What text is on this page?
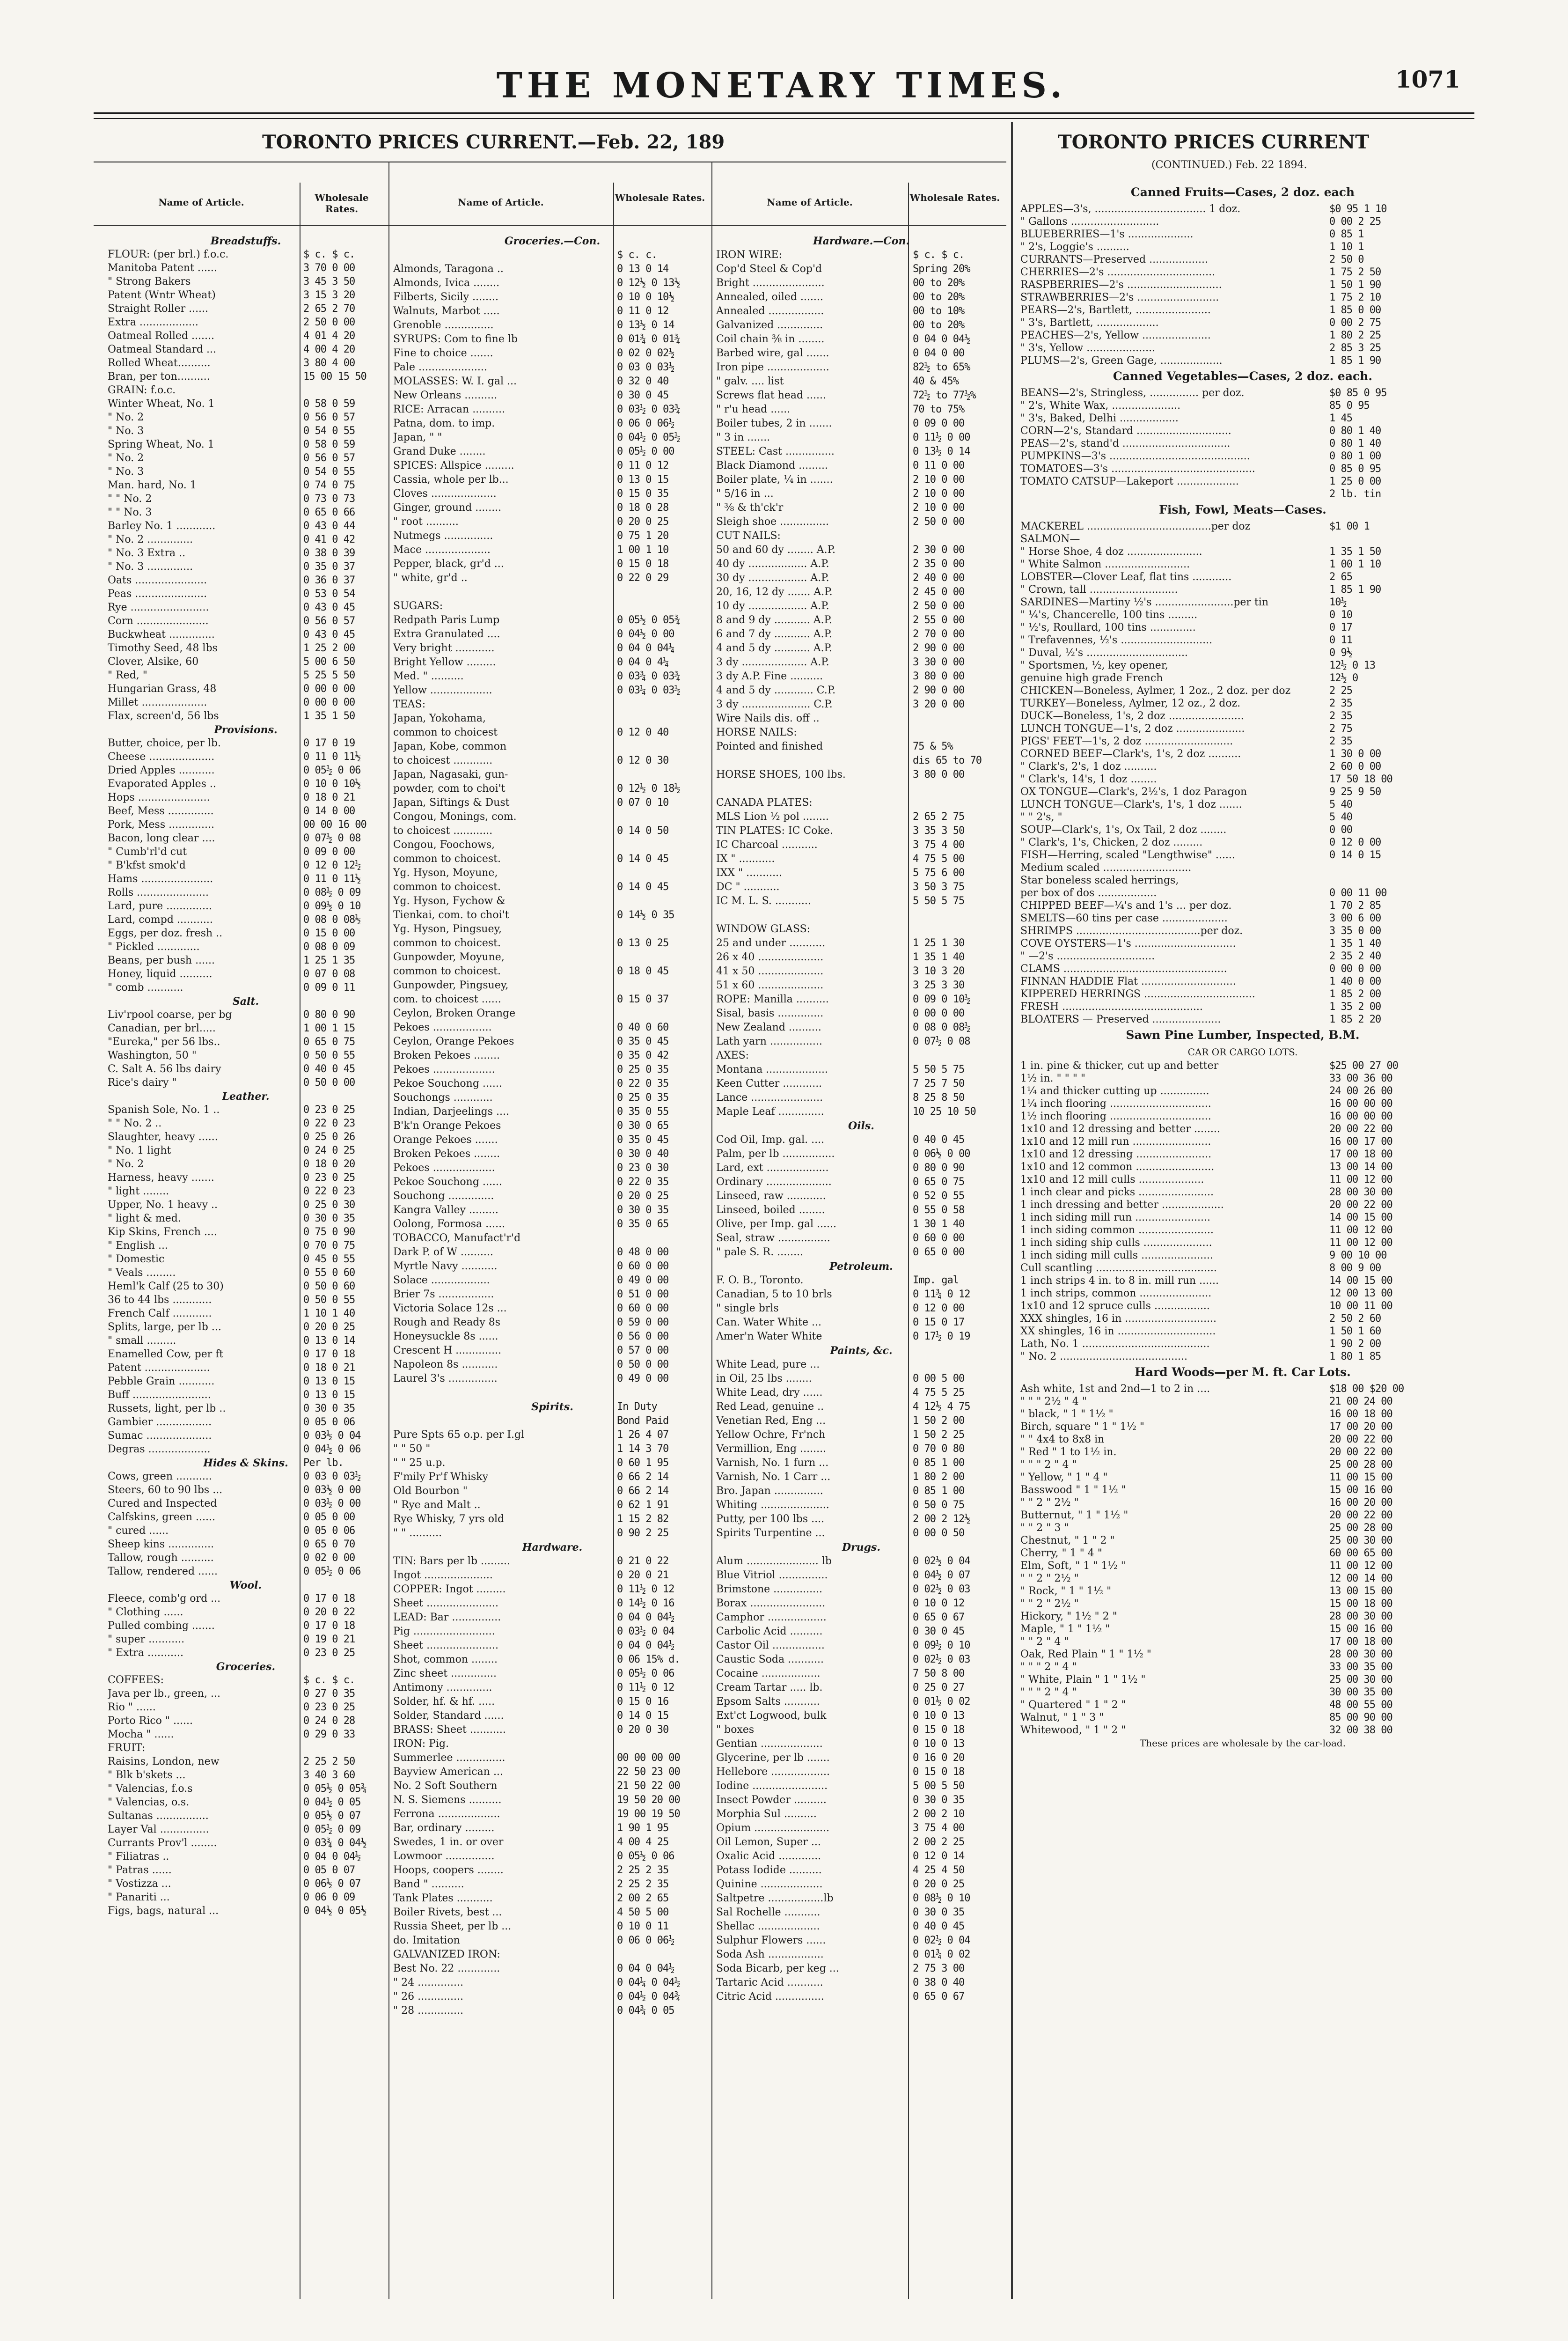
THE MONETARY TIMES.	1071
TORONTO PRICES CURRENT.—Feb. 22, 189	TORONTO PRICES CURRENT
(CONTINUED.) Feb. 22 1894.
Name of Article.	Wholesale Rates.
Name of Article.	Wholesale Rates.	Name of Article.	Wholesale Rates.
Breadstuffs.
FLOUR: (per brl.) f.o.c.	$ c. $ c.
Manitoba Patent ......	3 70 0 00
" Strong Bakers	3 45 3 50
Patent (Wntr Wheat)	3 15 3 20
Straight Roller ......	2 65 2 70
Extra ..................	2 50 0 00
Oatmeal Rolled .......	4 01 4 20
Oatmeal Standard ...	4 00 4 20
Rolled Wheat..........	3 80 4 00
Bran, per ton..........	15 00 15 50
GRAIN: f.o.c.
Winter Wheat, No. 1	0 58 0 59
" No. 2	0 56 0 57
" No. 3	0 54 0 55
Spring Wheat, No. 1	0 58 0 59
" No. 2	0 56 0 57
" No. 3	0 54 0 55
Man. hard, No. 1	0 74 0 75
" " No. 2	0 73 0 73
" " No. 3	0 65 0 66
Barley No. 1 ............	0 43 0 44
" No. 2 ..............	0 41 0 42
" No. 3 Extra ..	0 38 0 39
" No. 3 ..............	0 35 0 37
Oats ......................	0 36 0 37
Peas ......................	0 53 0 54
Rye ........................	0 43 0 45
Corn ......................	0 56 0 57
Buckwheat ..............	0 43 0 45
Timothy Seed, 48 lbs	1 25 2 00
Clover, Alsike, 60	5 00 6 50
" Red, "	5 25 5 50
Hungarian Grass, 48	0 00 0 00
Millet ....................	0 00 0 00
Flax, screen'd, 56 lbs	1 35 1 50
Provisions.
Butter, choice, per lb.	0 17 0 19
Cheese ....................	0 11 0 11½
Dried Apples ...........	0 05½ 0 06
Evaporated Apples ..	0 10 0 10½
Hops ......................	0 18 0 21
Beef, Mess ..............	0 14 0 00
Pork, Mess ..............	00 00 16 00
Bacon, long clear ....	0 07½ 0 08
" Cumb'rl'd cut	0 09 0 00
" B'kfst smok'd	0 12 0 12½
Hams ......................	0 11 0 11½
Rolls ......................	0 08½ 0 09
Lard, pure ..............	0 09½ 0 10
Lard, compd ...........	0 08 0 08½
Eggs, per doz. fresh ..	0 15 0 00
" Pickled .............	0 08 0 09
Beans, per bush ......	1 25 1 35
Honey, liquid ..........	0 07 0 08
" comb ...........	0 09 0 11
Salt.
Liv'rpool coarse, per bg	0 80 0 90
Canadian, per brl.....	1 00 1 15
"Eureka," per 56 lbs..	0 65 0 75
Washington, 50 "	0 50 0 55
C. Salt A. 56 lbs dairy	0 40 0 45
Rice's dairy "	0 50 0 00
Leather.
Spanish Sole, No. 1 ..	0 23 0 25
" " No. 2 ..	0 22 0 23
Slaughter, heavy ......	0 25 0 26
" No. 1 light	0 24 0 25
" No. 2	0 18 0 20
Harness, heavy .......	0 23 0 25
" light ........	0 22 0 23
Upper, No. 1 heavy ..	0 25 0 30
" light & med.	0 30 0 35
Kip Skins, French ....	0 75 0 90
" English ...	0 70 0 75
" Domestic	0 45 0 55
" Veals .........	0 55 0 60
Heml'k Calf (25 to 30)	0 50 0 60
36 to 44 lbs ............	0 50 0 55
French Calf ............	1 10 1 40
Splits, large, per lb ...	0 20 0 25
" small .........	0 13 0 14
Enamelled Cow, per ft	0 17 0 18
Patent ....................	0 18 0 21
Pebble Grain ...........	0 13 0 15
Buff ........................	0 13 0 15
Russets, light, per lb ..	0 30 0 35
Gambier .................	0 05 0 06
Sumac ....................	0 03½ 0 04
Degras ...................	0 04½ 0 06
Hides & Skins.	Per lb.
Cows, green ...........	0 03 0 03½
Steers, 60 to 90 lbs ...	0 03½ 0 00
Cured and Inspected	0 03½ 0 00
Calfskins, green ......	0 05 0 00
" cured ......	0 05 0 06
Sheep kins ..............	0 65 0 70
Tallow, rough ..........	0 02 0 00
Tallow, rendered ......	0 05½ 0 06
Wool.
Fleece, comb'g ord ...	0 17 0 18
" Clothing ......	0 20 0 22
Pulled combing .......	0 17 0 18
" super ...........	0 19 0 21
" Extra ...........	0 23 0 25
Groceries.
COFFEES:	$ c. $ c.
Java per lb., green, ...	0 27 0 35
Rio " ......	0 23 0 25
Porto Rico " ......	0 24 0 28
Mocha " ......	0 29 0 33
FRUIT:
Raisins, London, new	2 25 2 50
" Blk b'skets ...	3 40 3 60
" Valencias, f.o.s	0 05½ 0 05¾
" Valencias, o.s.	0 04½ 0 05
Sultanas ................	0 05½ 0 07
Layer Val ...............	0 05½ 0 09
Currants Prov'l ........	0 03¾ 0 04½
" Filiatras ..	0 04 0 04½
" Patras ......	0 05 0 07
" Vostizza ...	0 06½ 0 07
" Panariti ...	0 06 0 09
Figs, bags, natural ...	0 04½ 0 05½
Groceries.—Con.
$ c. c.
Almonds, Taragona ..	0 13 0 14
Almonds, Ivica ........	0 12½ 0 13½
Filberts, Sicily ........	0 10 0 10½
Walnuts, Marbot .....	0 11 0 12
Grenoble ...............	0 13½ 0 14
SYRUPS: Com to fine lb	0 01¾ 0 01¾
Fine to choice .......	0 02 0 02½
Pale .....................	0 03 0 03½
MOLASSES: W. I. gal ...	0 32 0 40
New Orleans ..........	0 30 0 45
RICE: Arracan ..........	0 03½ 0 03¾
Patna, dom. to imp.	0 06 0 06½
Japan, " "	0 04½ 0 05½
Grand Duke ........	0 05½ 0 00
SPICES: Allspice .........	0 11 0 12
Cassia, whole per lb...	0 13 0 15
Cloves ....................	0 15 0 35
Ginger, ground ........	0 18 0 28
" root ..........	0 20 0 25
Nutmegs ...............	0 75 1 20
Mace ....................	1 00 1 10
Pepper, black, gr'd ...	0 15 0 18
" white, gr'd ..	0 22 0 29
SUGARS:
Redpath Paris Lump	0 05½ 0 05¾
Extra Granulated ....	0 04½ 0 00
Very bright ............	0 04 0 04¼
Bright Yellow .........	0 04 0 4¼
Med. " ..........	0 03¾ 0 03¾
Yellow ...................	0 03¼ 0 03½
TEAS:
Japan, Yokohama,
common to choicest	0 12 0 40
Japan, Kobe, common
to choicest ............	0 12 0 30
Japan, Nagasaki, gun-
powder, com to choi't	0 12½ 0 18½
Japan, Siftings & Dust	0 07 0 10
Congou, Monings, com.
to choicest ............	0 14 0 50
Congou, Foochows,
common to choicest.	0 14 0 45
Yg. Hyson, Moyune,
common to choicest.	0 14 0 45
Yg. Hyson, Fychow &
Tienkai, com. to choi't	0 14½ 0 35
Yg. Hyson, Pingsuey,
common to choicest.	0 13 0 25
Gunpowder, Moyune,
common to choicest.	0 18 0 45
Gunpowder, Pingsuey,
com. to choicest ......	0 15 0 37
Ceylon, Broken Orange
Pekoes ..................	0 40 0 60
Ceylon, Orange Pekoes	0 35 0 45
Broken Pekoes ........	0 35 0 42
Pekoes ...................	0 25 0 35
Pekoe Souchong ......	0 22 0 35
Souchongs ............	0 25 0 35
Indian, Darjeelings ....	0 35 0 55
B'k'n Orange Pekoes	0 30 0 65
Orange Pekoes .......	0 35 0 45
Broken Pekoes ........	0 30 0 40
Pekoes ...................	0 23 0 30
Pekoe Souchong ......	0 22 0 35
Souchong ..............	0 20 0 25
Kangra Valley .........	0 30 0 35
Oolong, Formosa ......	0 35 0 65
TOBACCO, Manufact'r'd
Dark P. of W ..........	0 48 0 00
Myrtle Navy ...........	0 60 0 00
Solace ..................	0 49 0 00
Brier 7s .................	0 51 0 00
Victoria Solace 12s ...	0 60 0 00
Rough and Ready 8s	0 59 0 00
Honeysuckle 8s ......	0 56 0 00
Crescent H ..............	0 57 0 00
Napoleon 8s ...........	0 50 0 00
Laurel 3's ...............	0 49 0 00
Spirits.	In Duty
Bond Paid
Pure Spts 65 o.p. per I.gl	1 26 4 07
" " 50 "	1 14 3 70
" " 25 u.p.	0 60 1 95
F'mily Pr'f Whisky	0 66 2 14
Old Bourbon "	0 66 2 14
" Rye and Malt ..	0 62 1 91
Rye Whisky, 7 yrs old	1 15 2 82
" " ..........	0 90 2 25
Hardware.
TIN: Bars per lb .........	0 21 0 22
Ingot .....................	0 20 0 21
COPPER: Ingot .........	0 11½ 0 12
Sheet ......................	0 14½ 0 16
LEAD: Bar ...............	0 04 0 04½
Pig .........................	0 03½ 0 04
Sheet ......................	0 04 0 04½
Shot, common ........	0 06 15% d.
Zinc sheet ..............	0 05½ 0 06
Antimony ..............	0 11½ 0 12
Solder, hf. & hf. .....	0 15 0 16
Solder, Standard ......	0 14 0 15
BRASS: Sheet ...........	0 20 0 30
IRON: Pig.
Summerlee ...............	00 00 00 00
Bayview American ...	22 50 23 00
No. 2 Soft Southern	21 50 22 00
N. S. Siemens ..........	19 50 20 00
Ferrona ...................	19 00 19 50
Bar, ordinary .........	1 90 1 95
Swedes, 1 in. or over	4 00 4 25
Lowmoor ...............	0 05½ 0 06
Hoops, coopers ........	2 25 2 35
Band " ..........	2 25 2 35
Tank Plates ...........	2 00 2 65
Boiler Rivets, best ...	4 50 5 00
Russia Sheet, per lb ...	0 10 0 11
do. Imitation	0 06 0 06½
GALVANIZED IRON:
Best No. 22 .............	0 04 0 04½
" 24 ..............	0 04¼ 0 04½
" 26 ..............	0 04½ 0 04¾
" 28 ..............	0 04¾ 0 05
Hardware.—Con.
IRON WIRE:	$ c. $ c.
Cop'd Steel & Cop'd	Spring 20%
Bright ......................	00 to 20%
Annealed, oiled .......	00 to 20%
Annealed .................	00 to 10%
Galvanized ..............	00 to 20%
Coil chain ⅜ in ........	0 04 0 04½
Barbed wire, gal .......	0 04 0 00
Iron pipe ...................	82½ to 65%
" galv. .... list	40 & 45%
Screws flat head ......	72½ to 77½%
" r'u head ......	70 to 75%
Boiler tubes, 2 in .......	0 09 0 00
" 3 in .......	0 11½ 0 00
STEEL: Cast ...............	0 13½ 0 14
Black Diamond .........	0 11 0 00
Boiler plate, ¼ in .......	2 10 0 00
" 5/16 in ...	2 10 0 00
" ⅜ & th'ck'r	2 10 0 00
Sleigh shoe ...............	2 50 0 00
CUT NAILS:
50 and 60 dy ........ A.P.	2 30 0 00
40 dy .................. A.P.	2 35 0 00
30 dy .................. A.P.	2 40 0 00
20, 16, 12 dy ....... A.P.	2 45 0 00
10 dy .................. A.P.	2 50 0 00
8 and 9 dy ........... A.P.	2 55 0 00
6 and 7 dy ........... A.P.	2 70 0 00
4 and 5 dy ........... A.P.	2 90 0 00
3 dy .................... A.P.	3 30 0 00
3 dy A.P. Fine ..........	3 80 0 00
4 and 5 dy ............ C.P.	2 90 0 00
3 dy ..................... C.P.	3 20 0 00
Wire Nails dis. off ..
HORSE NAILS:
Pointed and finished	75 & 5%
dis 65 to 70
HORSE SHOES, 100 lbs.	3 80 0 00
CANADA PLATES:
MLS Lion ½ pol ........	2 65 2 75
TIN PLATES: IC Coke.	3 35 3 50
IC Charcoal ...........	3 75 4 00
IX " ...........	4 75 5 00
IXX " ...........	5 75 6 00
DC " ...........	3 50 3 75
IC M. L. S. ...........	5 50 5 75
WINDOW GLASS:
25 and under ...........	1 25 1 30
26 x 40 ....................	1 35 1 40
41 x 50 ....................	3 10 3 20
51 x 60 ....................	3 25 3 30
ROPE: Manilla ..........	0 09 0 10½
Sisal, basis ..............	0 00 0 00
New Zealand ..........	0 08 0 08½
Lath yarn ................	0 07½ 0 08
AXES:
Montana ...................	5 50 5 75
Keen Cutter ............	7 25 7 50
Lance ......................	8 25 8 50
Maple Leaf ..............	10 25 10 50
Oils.
Cod Oil, Imp. gal. ....	0 40 0 45
Palm, per lb ................	0 06½ 0 00
Lard, ext ...................	0 80 0 90
Ordinary ....................	0 65 0 75
Linseed, raw ............	0 52 0 55
Linseed, boiled ........	0 55 0 58
Olive, per Imp. gal ......	1 30 1 40
Seal, straw ................	0 60 0 00
" pale S. R. ........	0 65 0 00
Petroleum.
F. O. B., Toronto.	Imp. gal
Canadian, 5 to 10 brls	0 11¾ 0 12
" single brls	0 12 0 00
Can. Water White ...	0 15 0 17
Amer'n Water White	0 17½ 0 19
Paints, &c.
White Lead, pure ...
in Oil, 25 lbs ........	0 00 5 00
White Lead, dry ......	4 75 5 25
Red Lead, genuine ..	4 12½ 4 75
Venetian Red, Eng ...	1 50 2 00
Yellow Ochre, Fr'nch	1 50 2 25
Vermillion, Eng ........	0 70 0 80
Varnish, No. 1 furn ...	0 85 1 00
Varnish, No. 1 Carr ...	1 80 2 00
Bro. Japan ...............	0 85 1 00
Whiting .....................	0 50 0 75
Putty, per 100 lbs ....	2 00 2 12½
Spirits Turpentine ...	0 00 0 50
Drugs.
Alum ...................... lb	0 02½ 0 04
Blue Vitriol ...............	0 04½ 0 07
Brimstone ...............	0 02½ 0 03
Borax .......................	0 10 0 12
Camphor ..................	0 65 0 67
Carbolic Acid ..........	0 30 0 45
Castor Oil ................	0 09½ 0 10
Caustic Soda ...........	0 02½ 0 03
Cocaine ..................	7 50 8 00
Cream Tartar ..... lb.	0 25 0 27
Epsom Salts ...........	0 01½ 0 02
Ext'ct Logwood, bulk	0 10 0 13
" boxes	0 15 0 18
Gentian ...................	0 10 0 13
Glycerine, per lb .......	0 16 0 20
Hellebore ..................	0 15 0 18
Iodine .......................	5 00 5 50
Insect Powder ..........	0 30 0 35
Morphia Sul ..........	2 00 2 10
Opium .......................	3 75 4 00
Oil Lemon, Super ...	2 00 2 25
Oxalic Acid .............	0 12 0 14
Potass Iodide ..........	4 25 4 50
Quinine ...................	0 20 0 25
Saltpetre .................lb	0 08½ 0 10
Sal Rochelle ...........	0 30 0 35
Shellac ...................	0 40 0 45
Sulphur Flowers ......	0 02½ 0 04
Soda Ash .................	0 01¾ 0 02
Soda Bicarb, per keg ...	2 75 3 00
Tartaric Acid ...........	0 38 0 40
Citric Acid ...............	0 65 0 67
Canned Fruits—Cases, 2 doz. each
APPLES—3's, .................................. 1 doz.	$0 95 1 10
" Gallons ...........................	0 00 2 25
BLUEBERRIES—1's ....................	0 85 1
" 2's, Loggie's ..........	1 10 1
CURRANTS—Preserved ..................	2 50 0
CHERRIES—2's .................................	1 75 2 50
RASPBERRIES—2's .............................	1 50 1 90
STRAWBERRIES—2's .........................	1 75 2 10
PEARS—2's, Bartlett, .......................	1 85 0 00
" 3's, Bartlett, ...................	0 00 2 75
PEACHES—2's, Yellow .....................	1 80 2 25
" 3's, Yellow .....................	2 85 3 25
PLUMS—2's, Green Gage, ...................	1 85 1 90
Canned Vegetables—Cases, 2 doz. each.
BEANS—2's, Stringless, ............... per doz.	$0 85 0 95
" 2's, White Wax, .....................	85 0 95
" 3's, Baked, Delhi ..................	1 45
CORN—2's, Standard .............................	0 80 1 40
PEAS—2's, stand'd .................................	0 80 1 40
PUMPKINS—3's ...........................................	0 80 1 00
TOMATOES—3's ............................................	0 85 0 95
TOMATO CATSUP—Lakeport ...................	1 25 0 00
2 lb. tin
Fish, Fowl, Meats—Cases.
MACKEREL ......................................per doz	$1 00 1
SALMON—
" Horse Shoe, 4 doz .......................	1 35 1 50
" White Salmon ..........................	1 00 1 10
LOBSTER—Clover Leaf, flat tins ............	2 65
" Crown, tall ...........................	1 85 1 90
SARDINES—Martiny ½'s ........................per tin	10½
" ¼'s, Chancerelle, 100 tins .........	0 10
" ½'s, Roullard, 100 tins ..............	0 17
" Trefavennes, ½'s ............................	0 11
" Duval, ½'s ...............................	0 9½
" Sportsmen, ½, key opener,	12½ 0 13
genuine high grade French	12½ 0
CHICKEN—Boneless, Aylmer, 1 2oz., 2 doz. per doz	2 25
TURKEY—Boneless, Aylmer, 12 oz., 2 doz.	2 35
DUCK—Boneless, 1's, 2 doz .......................	2 35
LUNCH TONGUE—1's, 2 doz .....................	2 75
PIGS' FEET—1's, 2 doz ...........................	2 35
CORNED BEEF—Clark's, 1's, 2 doz ..........	1 30 0 00
" Clark's, 2's, 1 doz ..........	2 60 0 00
" Clark's, 14's, 1 doz ........	17 50 18 00
OX TONGUE—Clark's, 2½'s, 1 doz Paragon	9 25 9 50
LUNCH TONGUE—Clark's, 1's, 1 doz .......	5 40
" " 2's, "	5 40
SOUP—Clark's, 1's, Ox Tail, 2 doz ........	0 00
" Clark's, 1's, Chicken, 2 doz .........	0 12 0 00
FISH—Herring, scaled "Lengthwise" ......	0 14 0 15
Medium scaled ...........................
Star boneless scaled herrings,
per box of dos ..................	0 00 11 00
CHIPPED BEEF—¼'s and 1's ... per doz.	1 70 2 85
SMELTS—60 tins per case ....................	3 00 6 00
SHRIMPS ......................................per doz.	3 35 0 00
COVE OYSTERS—1's ...............................	1 35 1 40
" —2's ..............................	2 35 2 40
CLAMS ..................................................	0 00 0 00
FINNAN HADDIE Flat .............................	1 40 0 00
KIPPERED HERRINGS ..................................	1 85 2 00
FRESH ...........................................	1 35 2 00
BLOATERS — Preserved .....................	1 85 2 20
Sawn Pine Lumber, Inspected, B.M.
CAR OR CARGO LOTS.
1 in. pine & thicker, cut up and better	$25 00 27 00
1½ in. " " " "	33 00 36 00
1¼ and thicker cutting up ...............	24 00 26 00
1¼ inch flooring ...............................	16 00 00 00
1½ inch flooring ...............................	16 00 00 00
1x10 and 12 dressing and better ........	20 00 22 00
1x10 and 12 mill run ........................	16 00 17 00
1x10 and 12 dressing .......................	17 00 18 00
1x10 and 12 common ........................	13 00 14 00
1x10 and 12 mill culls ....................	11 00 12 00
1 inch clear and picks .......................	28 00 30 00
1 inch dressing and better ...................	20 00 22 00
1 inch siding mill run .......................	14 00 15 00
1 inch siding common .......................	11 00 12 00
1 inch siding ship culls .....................	11 00 12 00
1 inch siding mill culls ......................	9 00 10 00
Cull scantling .....................................	8 00 9 00
1 inch strips 4 in. to 8 in. mill run ......	14 00 15 00
1 inch strips, common ......................	12 00 13 00
1x10 and 12 spruce culls .................	10 00 11 00
XXX shingles, 16 in ............................	2 50 2 60
XX shingles, 16 in ..............................	1 50 1 60
Lath, No. 1 .......................................	1 90 2 00
" No. 2 .......................................	1 80 1 85
Hard Woods—per M. ft. Car Lots.
Ash white, 1st and 2nd—1 to 2 in ....	$18 00 $20 00
" " " 2½ " 4 "	21 00 24 00
" black, " 1 " 1½ "	16 00 18 00
Birch, square " 1 " 1½ "	17 00 20 00
" " 4x4 to 8x8 in	20 00 22 00
" Red " 1 to 1½ in.	20 00 22 00
" " " 2 " 4 "	25 00 28 00
" Yellow, " 1 " 4 "	11 00 15 00
Basswood " 1 " 1½ "	15 00 16 00
" " 2 " 2½ "	16 00 20 00
Butternut, " 1 " 1½ "	20 00 22 00
" " 2 " 3 "	25 00 28 00
Chestnut, " 1 " 2 "	25 00 30 00
Cherry, " 1 " 4 "	60 00 65 00
Elm, Soft, " 1 " 1½ "	11 00 12 00
" " 2 " 2½ "	12 00 14 00
" Rock, " 1 " 1½ "	13 00 15 00
" " 2 " 2½ "	15 00 18 00
Hickory, " 1½ " 2 "	28 00 30 00
Maple, " 1 " 1½ "	15 00 16 00
" " 2 " 4 "	17 00 18 00
Oak, Red Plain " 1 " 1½ "	28 00 30 00
" " " 2 " 4 "	33 00 35 00
" White, Plain " 1 " 1½ "	25 00 30 00
" " " 2 " 4 "	30 00 35 00
" Quartered " 1 " 2 "	48 00 55 00
Walnut, " 1 " 3 "	85 00 90 00
Whitewood, " 1 " 2 "	32 00 38 00
These prices are wholesale by the car-load.
